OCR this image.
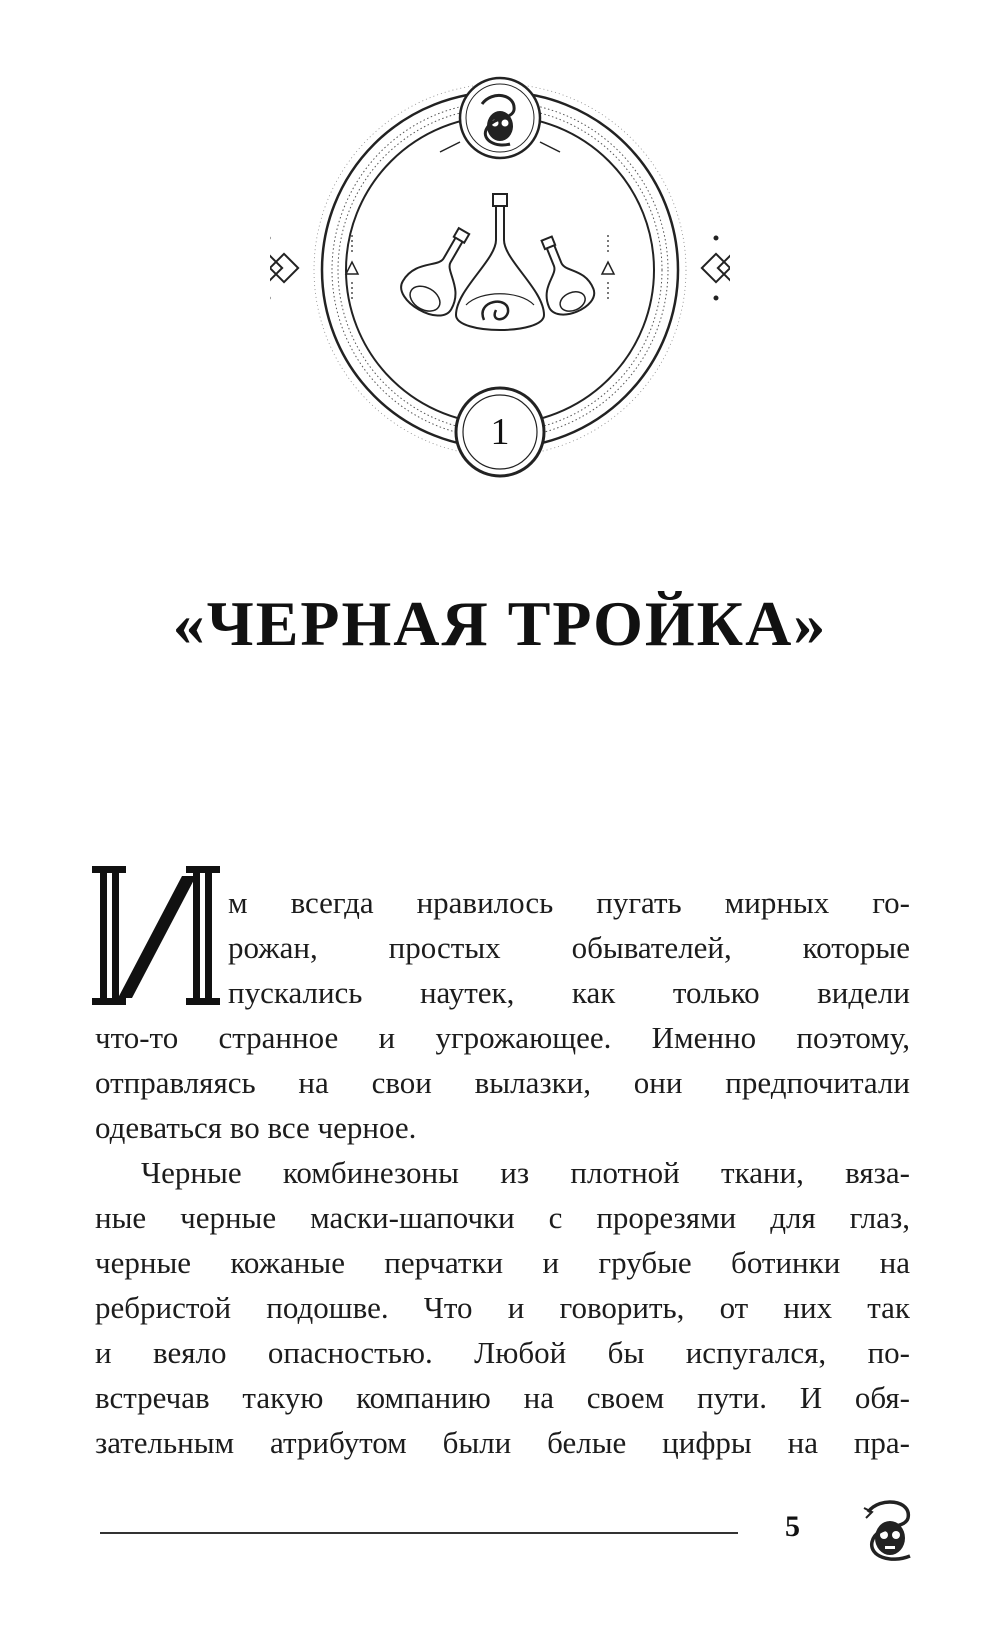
1
«ЧЕРНАЯ ТРОЙКА»
м всегда нравилось пугать мирных го-
рожан, простых обывателей, которые
пускались наутек, как только видели
что-то странное и угрожающее. Именно поэтому,
отправляясь на свои вылазки, они предпочитали
одеваться во все черное.
Черные комбинезоны из плотной ткани, вяза-
ные черные маски-шапочки с прорезями для глаз,
черные кожаные перчатки и грубые ботинки на
ребристой подошве. Что и говорить, от них так
и веяло опасностью. Любой бы испугался, по-
встречав такую компанию на своем пути. И обя-
зательным атрибутом были белые цифры на пра-
5
